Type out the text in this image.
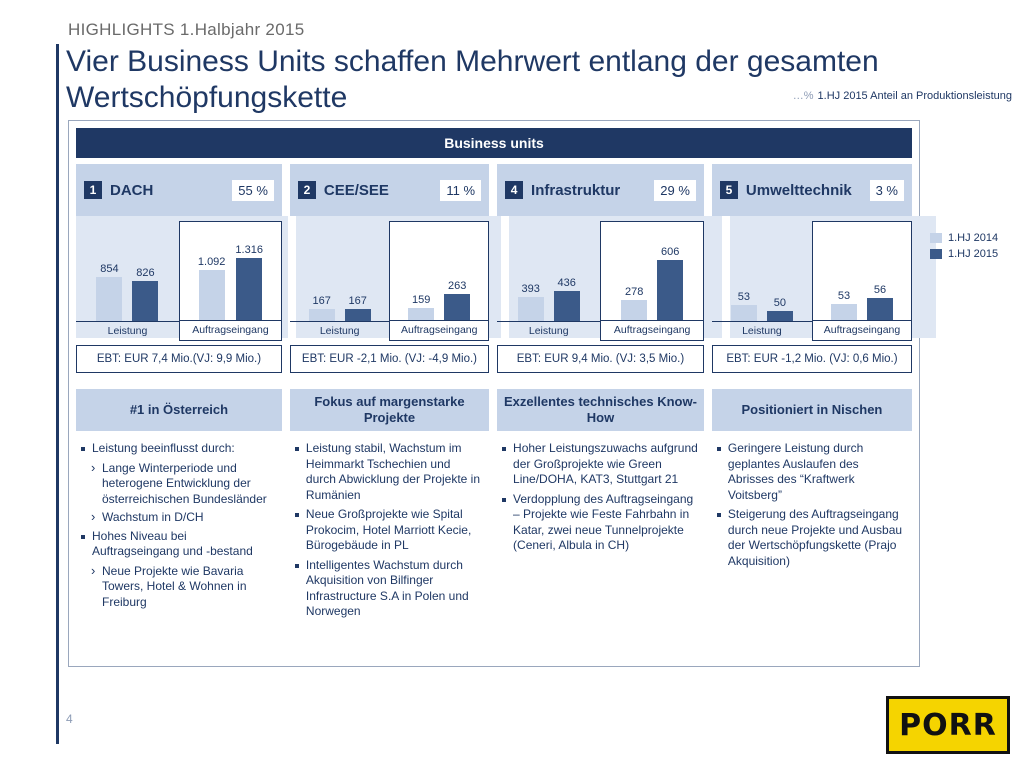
HIGHLIGHTS 1.Halbjahr 2015
Vier Business Units schaffen Mehrwert entlang der gesamten Wertschöpfungskette	…% 1.HJ 2015 Anteil an Produktionsleistung
Business units
1 DACH	55 %	2 CEE/SEE	11 %	4 Infrastruktur	29 %	5 Umwelttechnik	3 %
854 826
Leistung
1.092
1.316
Auftragseingang
167 167
Leistung
159
263
Auftragseingang
393 436
Leistung
278
606
Auftragseingang
53 50
Leistung
53 56
Auftragseingang
EBT: EUR 7,4 Mio.(VJ: 9,9 Mio.)	EBT: EUR -2,1 Mio. (VJ: -4,9 Mio.)	EBT: EUR 9,4 Mio. (VJ: 3,5 Mio.)	EBT: EUR -1,2 Mio. (VJ: 0,6 Mio.)
#1 in Österreich
Fokus auf margenstarke Projekte
Exzellentes technisches Know-How
Positioniert in Nischen
Leistung beeinflusst durch:
› Lange Winterperiode und heterogene Entwicklung der österreichischen Bundesländer
› Wachstum in D/CH
Hohes Niveau bei Auftragseingang und -bestand
› Neue Projekte wie Bavaria Towers, Hotel & Wohnen in Freiburg
Leistung stabil, Wachstum im Heimmarkt Tschechien und durch Abwicklung der Projekte in Rumänien
Neue Großprojekte wie Spital Prokocim, Hotel Marriott Kecie, Bürogebäude in PL
Intelligentes Wachstum durch Akquisition von Bilfinger Infrastructure S.A in Polen und Norwegen
Hoher Leistungszuwachs aufgrund der Großprojekte wie Green Line/DOHA, KAT3, Stuttgart 21
Verdopplung des Auftragseingang – Projekte wie Feste Fahrbahn in Katar, zwei neue Tunnelprojekte (Ceneri, Albula in CH)
Geringere Leistung durch geplantes Auslaufen des Abrisses des “Kraftwerk Voitsberg”
Steigerung des Auftragseingang durch neue Projekte und Ausbau der Wertschöpfungskette (Prajo Akquisition)
1.HJ 2014
1.HJ 2015
4	PORR
